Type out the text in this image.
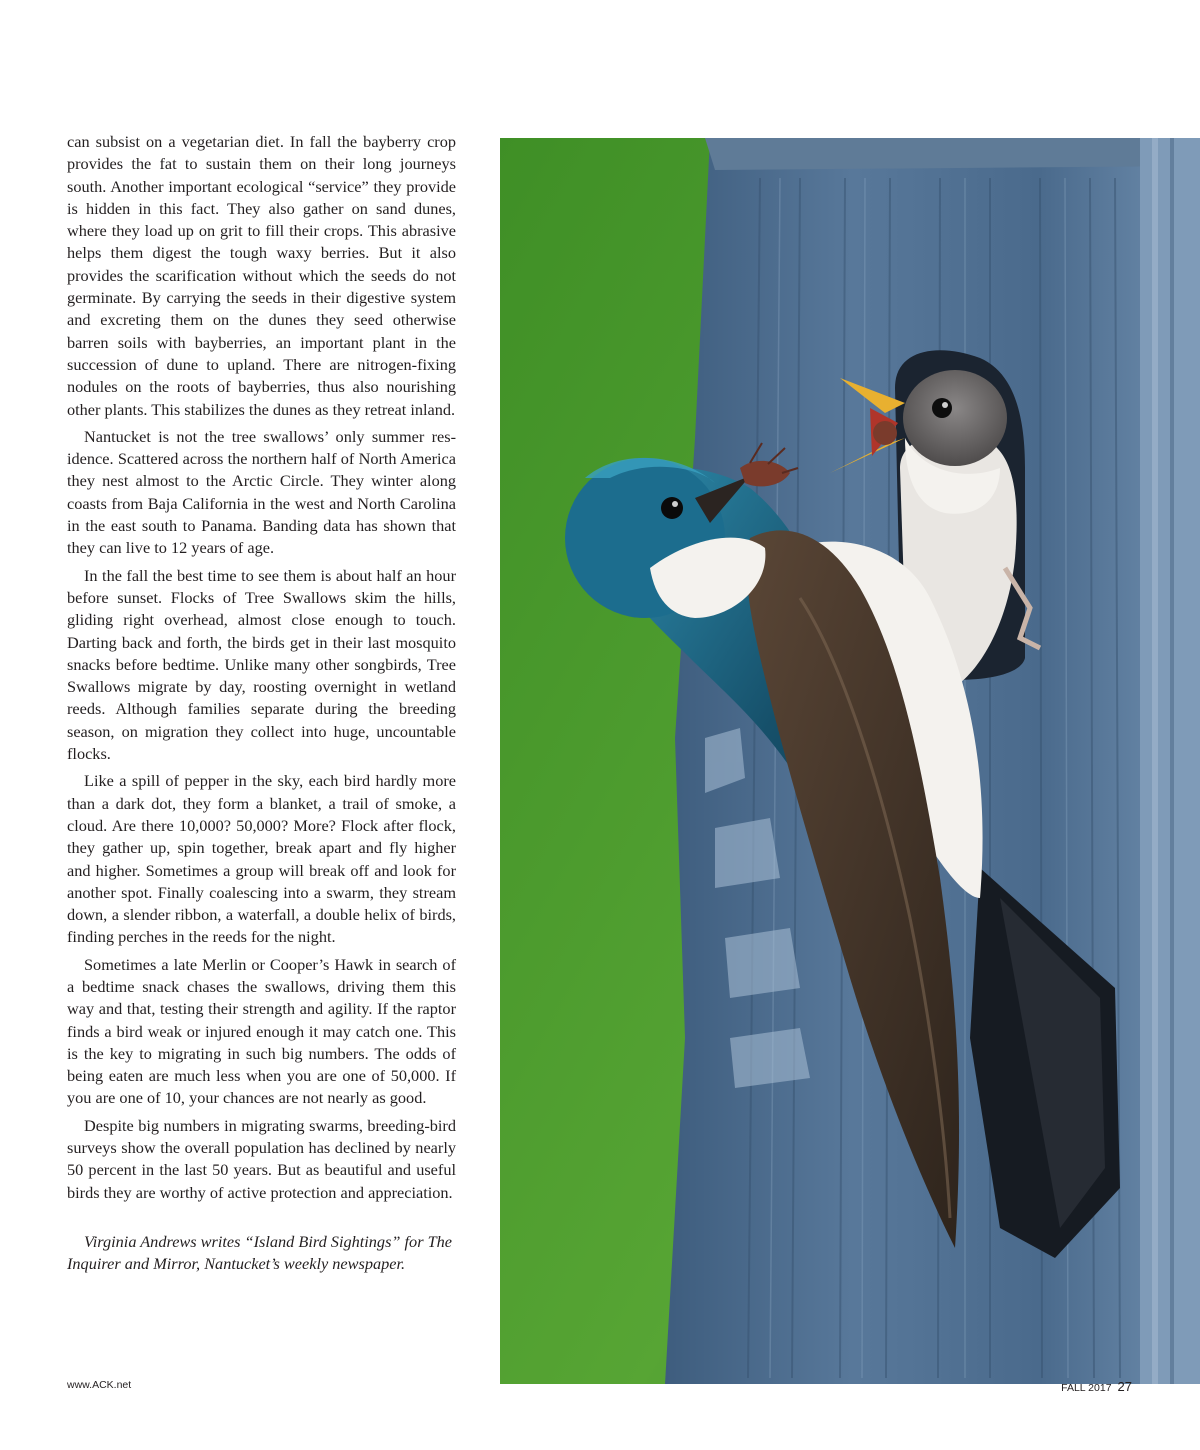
can subsist on a vegetarian diet. In fall the bayberry crop provides the fat to sustain them on their long journeys south. Another important ecological “service” they provide is hidden in this fact. They also gather on sand dunes, where they load up on grit to fill their crops. This abrasive helps them digest the tough waxy berries. But it also provides the scarification without which the seeds do not germinate. By carrying the seeds in their digestive system and excreting them on the dunes they seed otherwise barren soils with bayberries, an important plant in the succession of dune to upland. There are nitrogen-fixing nodules on the roots of bayberries, thus also nourishing other plants. This stabilizes the dunes as they retreat inland.

Nantucket is not the tree swallows’ only summer residence. Scattered across the northern half of North America they nest almost to the Arctic Circle. They winter along coasts from Baja California in the west and North Carolina in the east south to Panama. Banding data has shown that they can live to 12 years of age.

In the fall the best time to see them is about half an hour before sunset. Flocks of Tree Swallows skim the hills, gliding right overhead, almost close enough to touch. Darting back and forth, the birds get in their last mosquito snacks before bedtime. Unlike many other songbirds, Tree Swallows migrate by day, roosting overnight in wetland reeds. Although families separate during the breeding season, on migration they collect into huge, uncountable flocks.

Like a spill of pepper in the sky, each bird hardly more than a dark dot, they form a blanket, a trail of smoke, a cloud. Are there 10,000? 50,000? More? Flock after flock, they gather up, spin together, break apart and fly higher and higher. Sometimes a group will break off and look for another spot. Finally coalescing into a swarm, they stream down, a slender ribbon, a waterfall, a double helix of birds, finding perches in the reeds for the night.

Sometimes a late Merlin or Cooper’s Hawk in search of a bedtime snack chases the swallows, driving them this way and that, testing their strength and agility. If the raptor finds a bird weak or injured enough it may catch one. This is the key to migrating in such big numbers. The odds of being eaten are much less when you are one of 50,000. If you are one of 10, your chances are not nearly as good.

Despite big numbers in migrating swarms, breeding-bird surveys show the overall population has declined by nearly 50 percent in the last 50 years. But as beautiful and useful birds they are worthy of active protection and appreciation.

Virginia Andrews writes “Island Bird Sightings” for The Inquirer and Mirror, Nantucket’s weekly newspaper.

www.ACK.net	FALL 2017 27
